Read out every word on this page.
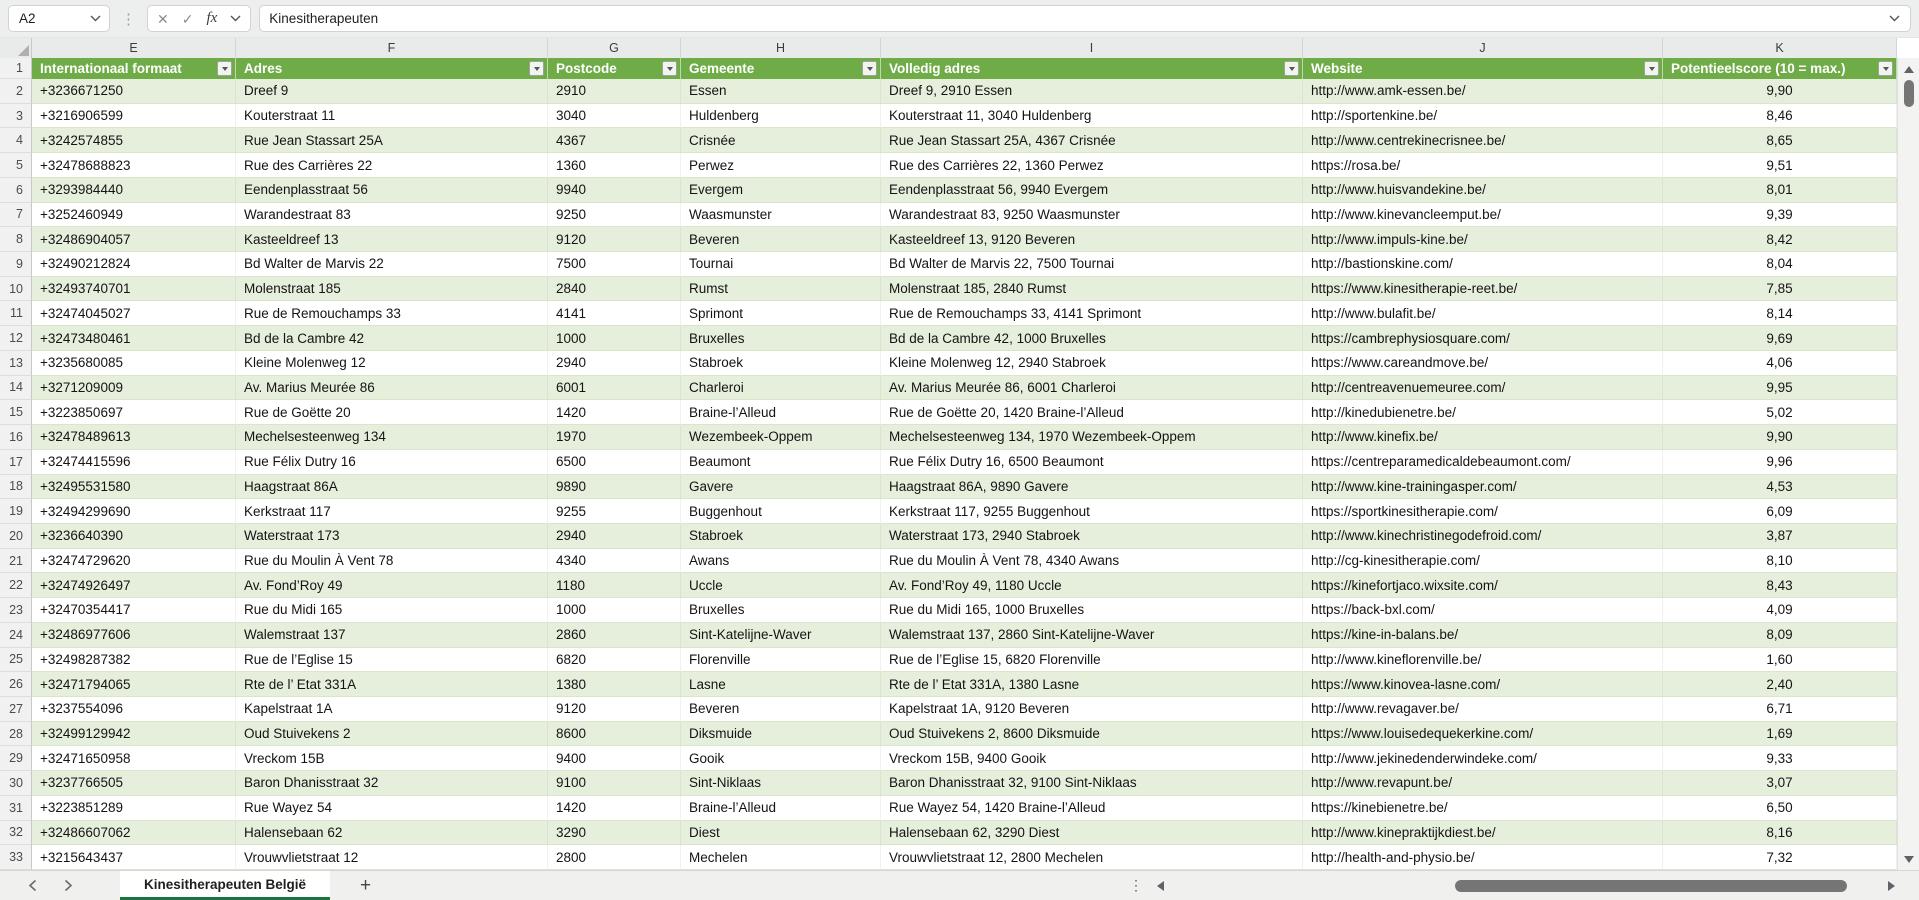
A2	⋮ ✕ ✓ fx	Kinesitherapeuten
E	F	G	H	I	J	K
1	Internationaal formaat	Adres	Postcode	Gemeente	Volledig adres	Website	Potentieelscore (10 = max.)
2	+3236671250	Dreef 9	2910	Essen	Dreef 9, 2910 Essen	http://www.amk-essen.be/	9,90
3	+3216906599	Kouterstraat 11	3040	Huldenberg	Kouterstraat 11, 3040 Huldenberg	http://sportenkine.be/	8,46
4	+3242574855	Rue Jean Stassart 25A	4367	Crisnée	Rue Jean Stassart 25A, 4367 Crisnée	http://www.centrekinecrisnee.be/	8,65
5	+32478688823	Rue des Carrières 22	1360	Perwez	Rue des Carrières 22, 1360 Perwez	https://rosa.be/	9,51
6	+3293984440	Eendenplasstraat 56	9940	Evergem	Eendenplasstraat 56, 9940 Evergem	http://www.huisvandekine.be/	8,01
7	+3252460949	Warandestraat 83	9250	Waasmunster	Warandestraat 83, 9250 Waasmunster	http://www.kinevancleemput.be/	9,39
8	+32486904057	Kasteeldreef 13	9120	Beveren	Kasteeldreef 13, 9120 Beveren	http://www.impuls-kine.be/	8,42
9	+32490212824	Bd Walter de Marvis 22	7500	Tournai	Bd Walter de Marvis 22, 7500 Tournai	http://bastionskine.com/	8,04
10	+32493740701	Molenstraat 185	2840	Rumst	Molenstraat 185, 2840 Rumst	https://www.kinesitherapie-reet.be/	7,85
11	+32474045027	Rue de Remouchamps 33	4141	Sprimont	Rue de Remouchamps 33, 4141 Sprimont	http://www.bulafit.be/	8,14
12	+32473480461	Bd de la Cambre 42	1000	Bruxelles	Bd de la Cambre 42, 1000 Bruxelles	https://cambrephysiosquare.com/	9,69
13	+3235680085	Kleine Molenweg 12	2940	Stabroek	Kleine Molenweg 12, 2940 Stabroek	https://www.careandmove.be/	4,06
14	+3271209009	Av. Marius Meurée 86	6001	Charleroi	Av. Marius Meurée 86, 6001 Charleroi	http://centreavenuemeuree.com/	9,95
15	+3223850697	Rue de Goëtte 20	1420	Braine-l’Alleud	Rue de Goëtte 20, 1420 Braine-l’Alleud	http://kinedubienetre.be/	5,02
16	+32478489613	Mechelsesteenweg 134	1970	Wezembeek-Oppem	Mechelsesteenweg 134, 1970 Wezembeek-Oppem	http://www.kinefix.be/	9,90
17	+32474415596	Rue Félix Dutry 16	6500	Beaumont	Rue Félix Dutry 16, 6500 Beaumont	https://centreparamedicaldebeaumont.com/	9,96
18	+32495531580	Haagstraat 86A	9890	Gavere	Haagstraat 86A, 9890 Gavere	http://www.kine-trainingasper.com/	4,53
19	+32494299690	Kerkstraat 117	9255	Buggenhout	Kerkstraat 117, 9255 Buggenhout	https://sportkinesitherapie.com/	6,09
20	+3236640390	Waterstraat 173	2940	Stabroek	Waterstraat 173, 2940 Stabroek	http://www.kinechristinegodefroid.com/	3,87
21	+32474729620	Rue du Moulin À Vent 78	4340	Awans	Rue du Moulin À Vent 78, 4340 Awans	http://cg-kinesitherapie.com/	8,10
22	+32474926497	Av. Fond’Roy 49	1180	Uccle	Av. Fond’Roy 49, 1180 Uccle	https://kinefortjaco.wixsite.com/	8,43
23	+32470354417	Rue du Midi 165	1000	Bruxelles	Rue du Midi 165, 1000 Bruxelles	https://back-bxl.com/	4,09
24	+32486977606	Walemstraat 137	2860	Sint-Katelijne-Waver	Walemstraat 137, 2860 Sint-Katelijne-Waver	https://kine-in-balans.be/	8,09
25	+32498287382	Rue de l’Eglise 15	6820	Florenville	Rue de l’Eglise 15, 6820 Florenville	http://www.kineflorenville.be/	1,60
26	+32471794065	Rte de l’ Etat 331A	1380	Lasne	Rte de l’ Etat 331A, 1380 Lasne	https://www.kinovea-lasne.com/	2,40
27	+3237554096	Kapelstraat 1A	9120	Beveren	Kapelstraat 1A, 9120 Beveren	http://www.revagaver.be/	6,71
28	+32499129942	Oud Stuivekens 2	8600	Diksmuide	Oud Stuivekens 2, 8600 Diksmuide	https://www.louisedequekerkine.com/	1,69
29	+32471650958	Vreckom 15B	9400	Gooik	Vreckom 15B, 9400 Gooik	http://www.jekinedenderwindeke.com/	9,33
30	+3237766505	Baron Dhanisstraat 32	9100	Sint-Niklaas	Baron Dhanisstraat 32, 9100 Sint-Niklaas	http://www.revapunt.be/	3,07
31	+3223851289	Rue Wayez 54	1420	Braine-l’Alleud	Rue Wayez 54, 1420 Braine-l’Alleud	https://kinebienetre.be/	6,50
32	+32486607062	Halensebaan 62	3290	Diest	Halensebaan 62, 3290 Diest	http://www.kinepraktijkdiest.be/	8,16
33	+3215643437	Vrouwvlietstraat 12	2800	Mechelen	Vrouwvlietstraat 12, 2800 Mechelen	http://health-and-physio.be/	7,32
Kinesitherapeuten België	+	⋮
